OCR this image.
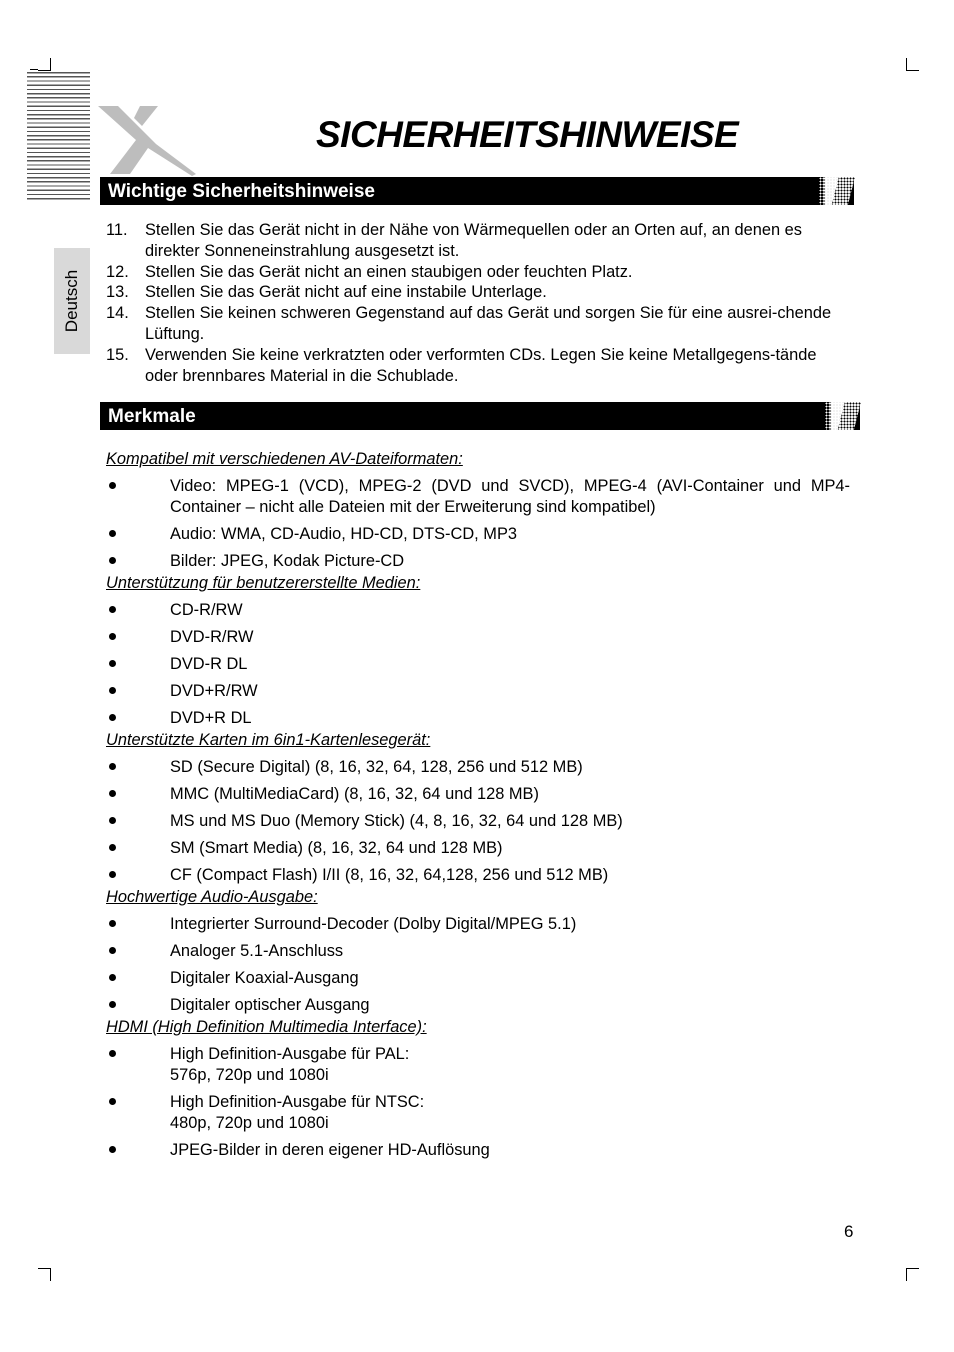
SICHERHEITSHINWEISE
Deutsch
Wichtige Sicherheitshinweise
11.	Stellen Sie das Gerät nicht in der Nähe von Wärmequellen oder an Orten auf, an denen es direkter Sonneneinstrahlung ausgesetzt ist.
12. Stellen Sie das Gerät nicht an einen staubigen oder feuchten Platz.
13. Stellen Sie das Gerät nicht auf eine instabile Unterlage.
14. Stellen Sie keinen schweren Gegenstand auf das Gerät und sorgen Sie für eine ausrei-chende Lüftung.
15. Verwenden Sie keine verkratzten oder verformten CDs. Legen Sie keine Metallgegens-tände oder brennbares Material in die Schublade.
Merkmale
Kompatibel mit verschiedenen AV-Dateiformaten:
Video: MPEG-1 (VCD), MPEG-2 (DVD und SVCD), MPEG-4 (AVI-Container und MP4-Container – nicht alle Dateien mit der Erweiterung sind kompatibel)
Audio: WMA, CD-Audio, HD-CD, DTS-CD, MP3
Bilder: JPEG, Kodak Picture-CD
Unterstützung für benutzererstellte Medien:
CD-R/RW
DVD-R/RW
DVD-R DL
DVD+R/RW
DVD+R DL
Unterstützte Karten im 6in1-Kartenlesegerät:
SD (Secure Digital) (8, 16, 32, 64, 128, 256 und 512 MB)
MMC (MultiMediaCard) (8, 16, 32, 64 und 128 MB)
MS und MS Duo (Memory Stick) (4, 8, 16, 32, 64 und 128 MB)
SM (Smart Media) (8, 16, 32, 64 und 128 MB)
CF (Compact Flash) I/II (8, 16, 32, 64,128, 256 und 512 MB)
Hochwertige Audio-Ausgabe:
Integrierter Surround-Decoder (Dolby Digital/MPEG 5.1)
Analoger 5.1-Anschluss
Digitaler Koaxial-Ausgang
Digitaler optischer Ausgang
HDMI (High Definition Multimedia Interface):
High Definition-Ausgabe für PAL:
576p, 720p und 1080i
High Definition-Ausgabe für NTSC:
480p, 720p und 1080i
JPEG-Bilder in deren eigener HD-Auflösung
6
